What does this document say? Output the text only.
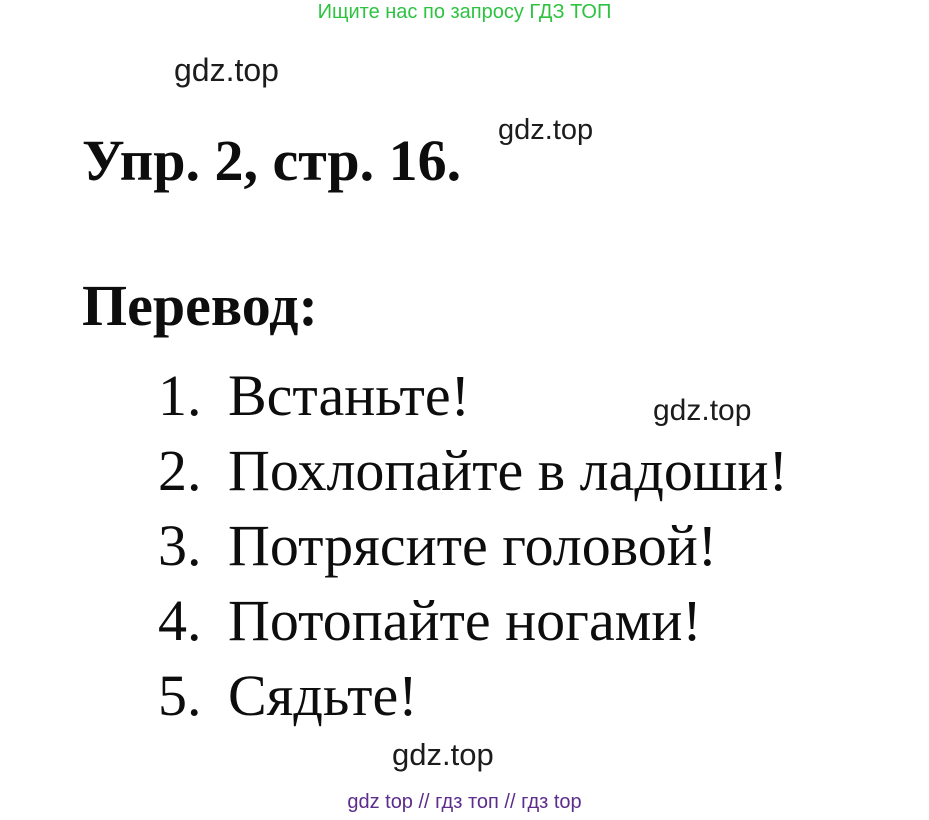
Ищите нас по запросу ГДЗ ТОП
gdz.top
Упр. 2, стр. 16. gdz.top
Перевод:
1. Встаньте!
2. Похлопайте в ладоши!
3. Потрясите головой!
4. Потопайте ногами!
5. Сядьте!
gdz.top
gdz.top
gdz top // гдз топ // гдз top
